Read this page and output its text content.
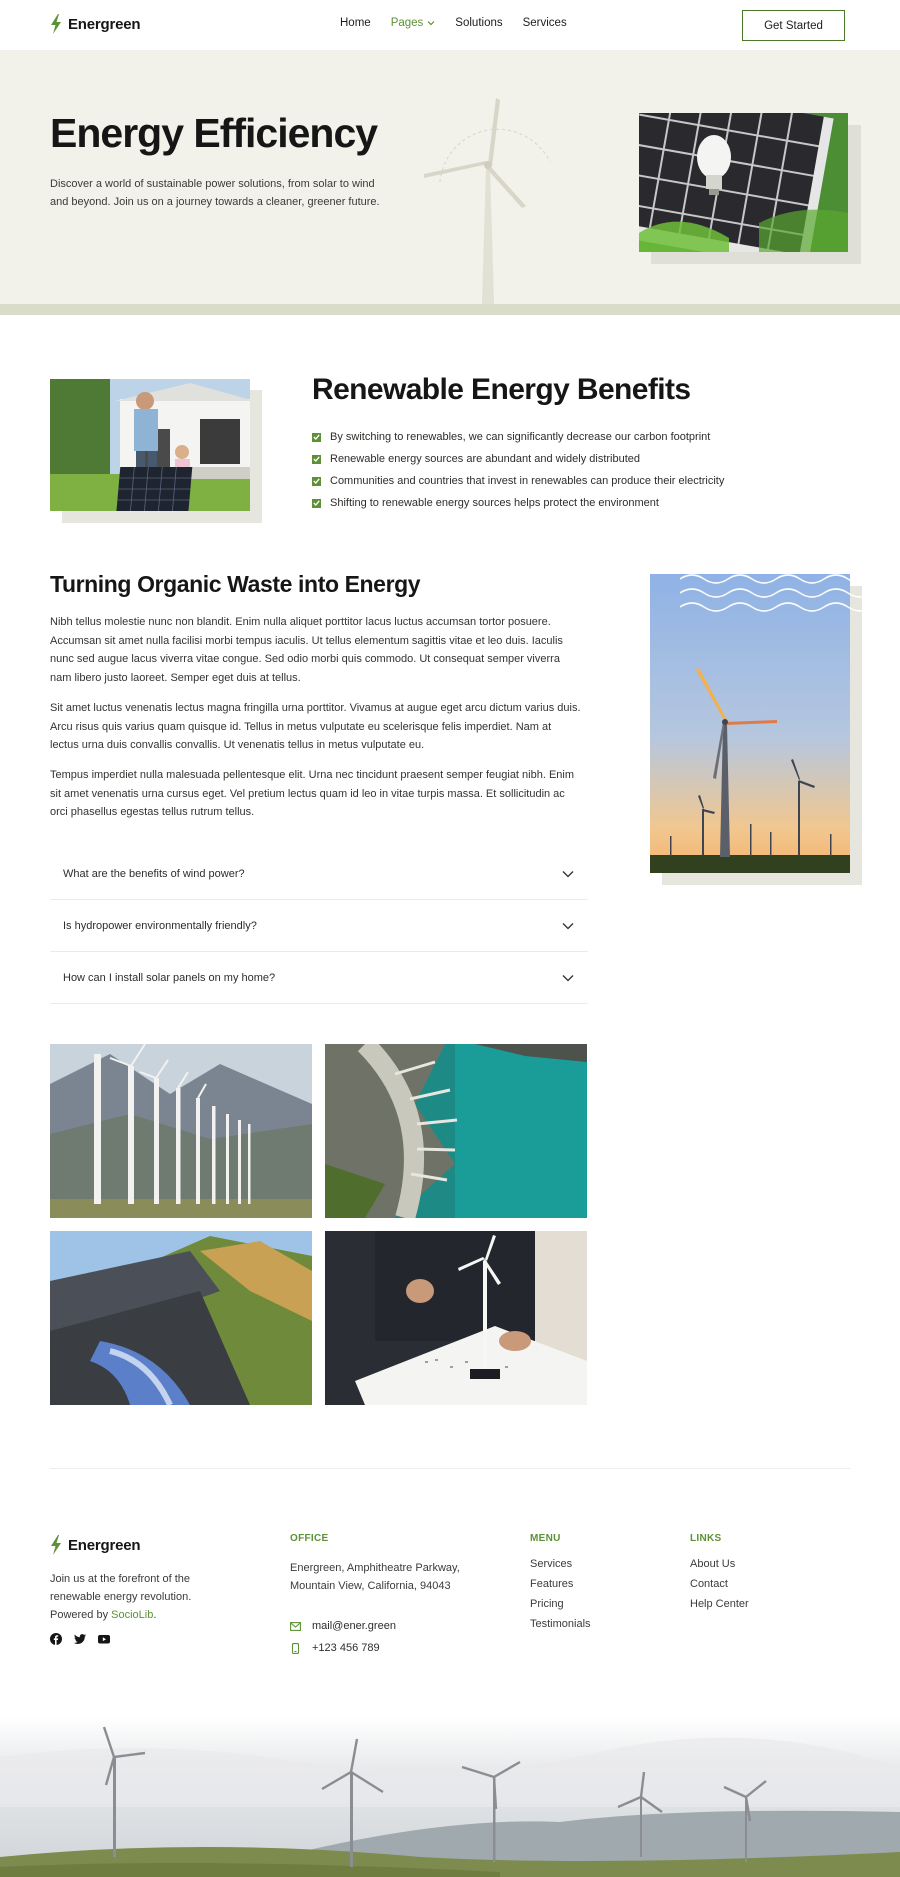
Energreen	Home Pages	Solutions Services	Get Started
Energy Efficiency

Discover a world of sustainable power solutions, from solar to wind and beyond. Join us on a journey towards a cleaner, greener future.

Renewable Energy Benefits
By switching to renewables, we can significantly decrease our carbon footprint
Renewable energy sources are abundant and widely distributed
Communities and countries that invest in renewables can produce their electricity
Shifting to renewable energy sources helps protect the environment
Turning Organic Waste into Energy

Nibh tellus molestie nunc non blandit. Enim nulla aliquet porttitor lacus luctus accumsan tortor posuere. Accumsan sit amet nulla facilisi morbi tempus iaculis. Ut tellus elementum sagittis vitae et leo duis. Iaculis nunc sed augue lacus viverra vitae congue. Sed odio morbi quis commodo. Ut consequat semper viverra nam libero justo laoreet. Semper eget duis at tellus.

Sit amet luctus venenatis lectus magna fringilla urna porttitor. Vivamus at augue eget arcu dictum varius duis. Arcu risus quis varius quam quisque id. Tellus in metus vulputate eu scelerisque felis imperdiet. Nam at lectus urna duis convallis convallis. Ut venenatis tellus in metus vulputate eu.

Tempus imperdiet nulla malesuada pellentesque elit. Urna nec tincidunt praesent semper feugiat nibh. Enim sit amet venenatis urna cursus eget. Vel pretium lectus quam id leo in vitae turpis massa. Et sollicitudin ac orci phasellus egestas tellus rutrum tellus.

What are the benefits of wind power?
Is hydropower environmentally friendly?
How can I install solar panels on my home?
Energreen

Join us at the forefront of the renewable energy revolution. Powered by SocioLib.

OFFICE

Energreen, Amphitheatre Parkway, Mountain View, California, 94043

mail@ener.green
+123 456 789
MENU
Services
Features
Pricing
Testimonials
LINKS
About Us
Contact
Help Center
